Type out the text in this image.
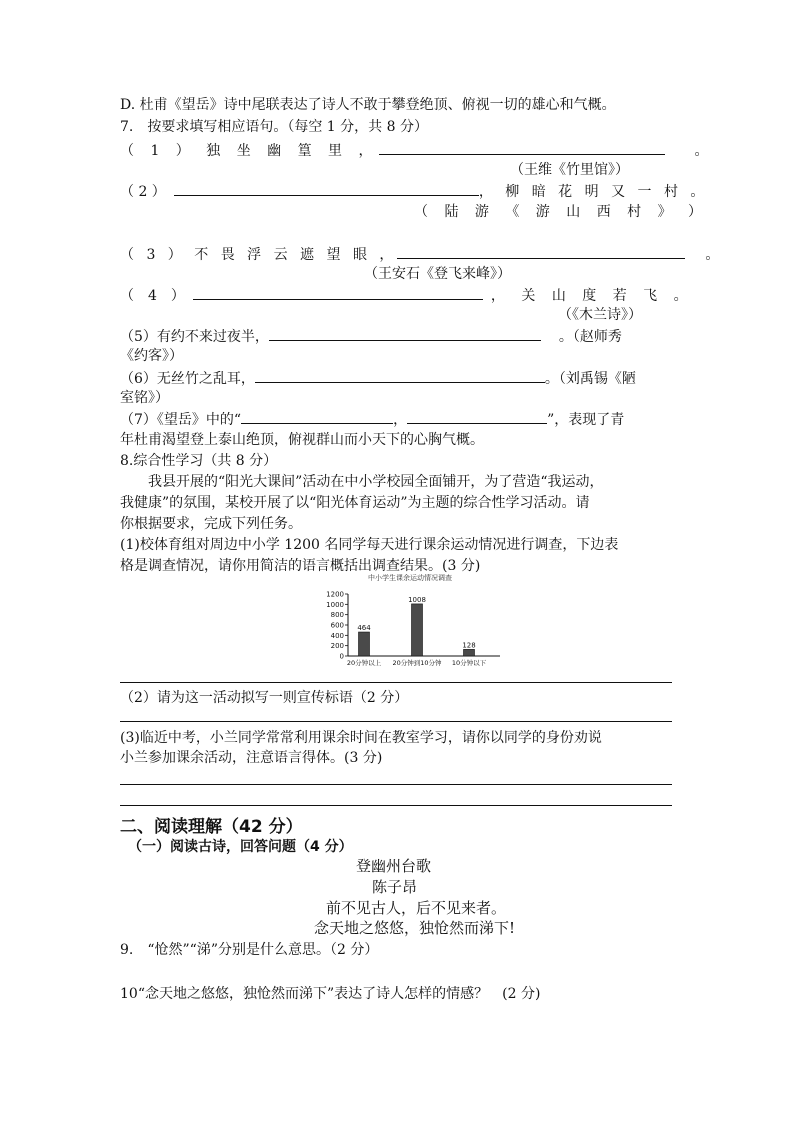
D. 杜甫《望岳》诗中尾联表达了诗人不敢于攀登绝顶、俯视一切的雄心和气概。
7.　按要求填写相应语句。（每空 1 分，共 8 分）
（ 1 ） 独 坐 幽 篁 里 ，	。
（王维《竹里馆》）
（ 2 ）	， 柳 暗 花 明 又 一 村 。
（ 陆 游 《 游 山 西 村 》 ）
（ 3 ） 不 畏 浮 云 遮 望 眼 ，	。
（王安石《登飞来峰》）
（　4　）	， 关 山 度 若 飞 。
（《木兰诗》）
（5）有约不来过夜半，	。（赵师秀
《约客》）
（6）无丝竹之乱耳，	。（刘禹锡《陋
室铭》）
（7）《望岳》中的“	，	”，表现了青
年杜甫渴望登上泰山绝顶，俯视群山而小天下的心胸气概。
8.综合性学习（共 8 分）
我县开展的“阳光大课间”活动在中小学校园全面铺开，为了营造“我运动，
我健康”的氛围，某校开展了以“阳光体育运动”为主题的综合性学习活动。请
你根据要求，完成下列任务。
(1)校体育组对周边中小学 1200 名同学每天进行课余运动情况进行调查，下边表
格是调查情况，请你用简洁的语言概括出调查结果。(3 分)
中小学生课余运动情况调查
1200
1000
800
600
400
200
0
464
1008
128
20分钟以上 20分钟到10分钟 10分钟以下
（2）请为这一活动拟写一则宣传标语（2 分）
(3)临近中考，小兰同学常常利用课余时间在教室学习，请你以同学的身份劝说
小兰参加课余活动，注意语言得体。(3 分)
二、阅读理解（42 分）
（一）阅读古诗，回答问题（4 分）
登幽州台歌
陈子昂
前不见古人，后不见来者。
念天地之悠悠，独怆然而涕下!
9.　“怆然”“涕”分别是什么意思。（2 分）
10“念天地之悠悠，独怆然而涕下”表达了诗人怎样的情感？　(2 分)
